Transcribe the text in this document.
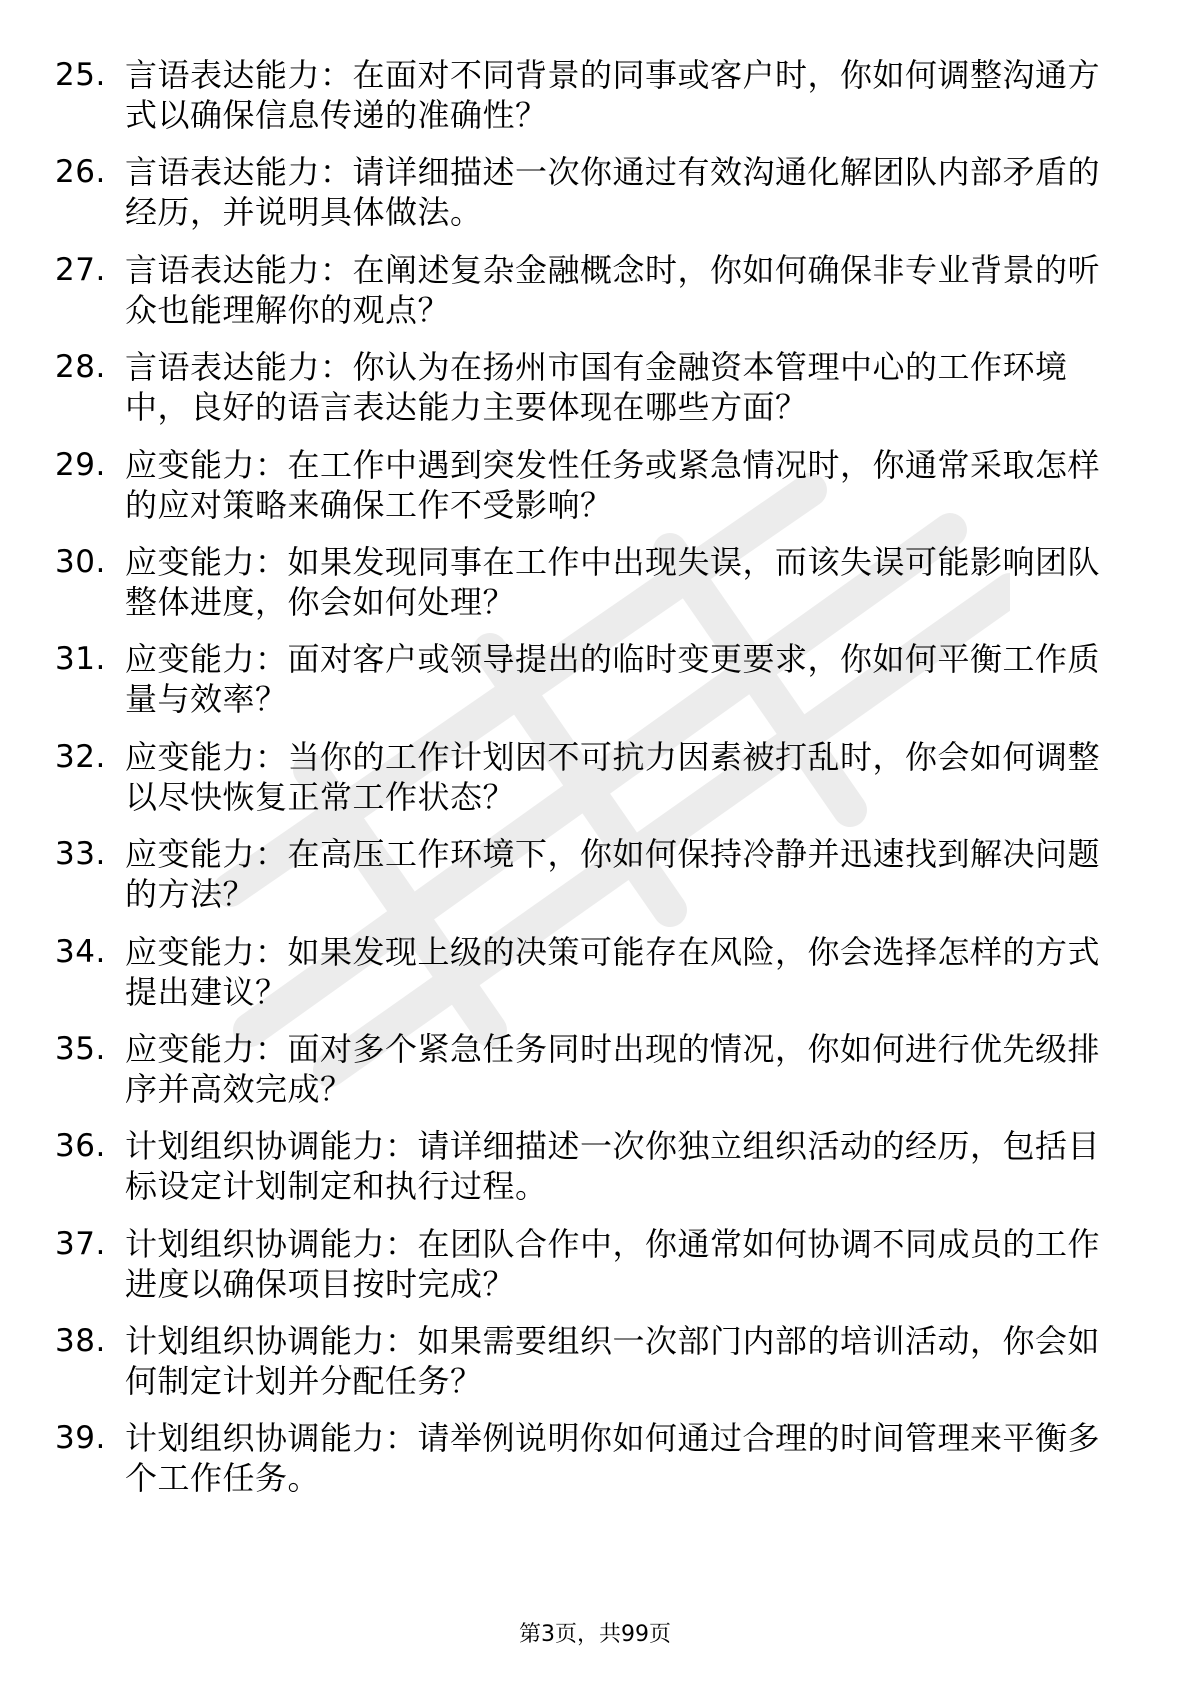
25. 言语表达能力：在面对不同背景的同事或客户时，你如何调整沟通方式以确保信息传递的准确性？
26. 言语表达能力：请详细描述一次你通过有效沟通化解团队内部矛盾的经历，并说明具体做法。
27. 言语表达能力：在阐述复杂金融概念时，你如何确保非专业背景的听众也能理解你的观点？
28. 言语表达能力：你认为在扬州市国有金融资本管理中心的工作环境中，良好的语言表达能力主要体现在哪些方面？
29. 应变能力：在工作中遇到突发性任务或紧急情况时，你通常采取怎样的应对策略来确保工作不受影响？
30. 应变能力：如果发现同事在工作中出现失误，而该失误可能影响团队整体进度，你会如何处理？
31. 应变能力：面对客户或领导提出的临时变更要求，你如何平衡工作质量与效率？
32. 应变能力：当你的工作计划因不可抗力因素被打乱时，你会如何调整以尽快恢复正常工作状态？
33. 应变能力：在高压工作环境下，你如何保持冷静并迅速找到解决问题的方法？
34. 应变能力：如果发现上级的决策可能存在风险，你会选择怎样的方式提出建议？
35. 应变能力：面对多个紧急任务同时出现的情况，你如何进行优先级排序并高效完成？
36. 计划组织协调能力：请详细描述一次你独立组织活动的经历，包括目标设定计划制定和执行过程。
37. 计划组织协调能力：在团队合作中，你通常如何协调不同成员的工作进度以确保项目按时完成？
38. 计划组织协调能力：如果需要组织一次部门内部的培训活动，你会如何制定计划并分配任务？
39. 计划组织协调能力：请举例说明你如何通过合理的时间管理来平衡多个工作任务。
第3页，共99页
